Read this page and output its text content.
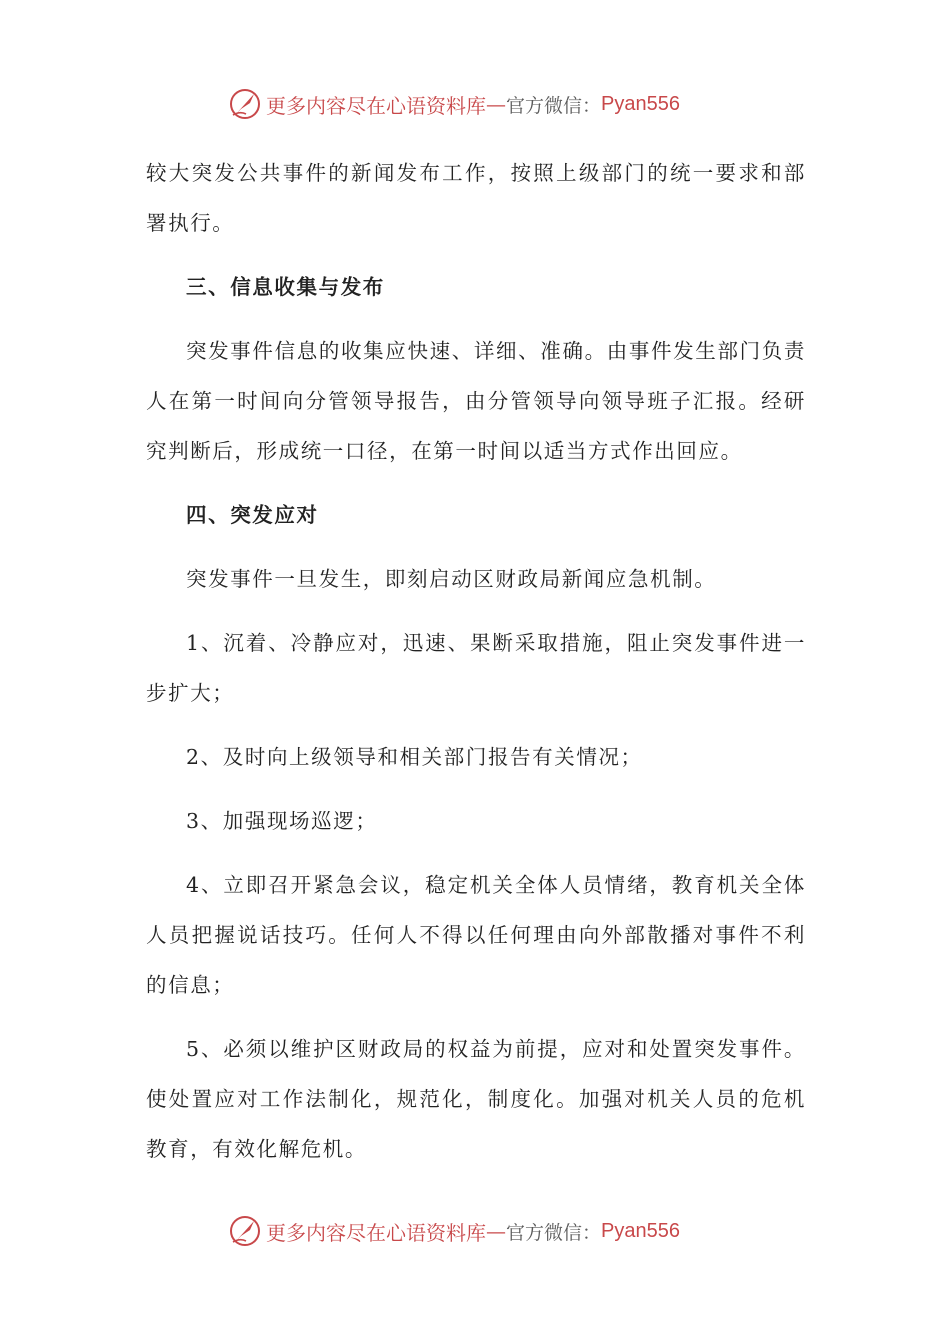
更多内容尽在心语资料库 — 官方微信： Pyan556

较大突发公共事件的新闻发布工作，按照上级部门的统一要求和部署执行。

三、信息收集与发布

突发事件信息的收集应快速、详细、准确。由事件发生部门负责人在第一时间向分管领导报告，由分管领导向领导班子汇报。经研究判断后，形成统一口径，在第一时间以适当方式作出回应。

四、突发应对

突发事件一旦发生，即刻启动区财政局新闻应急机制。

1、沉着、冷静应对，迅速、果断采取措施，阻止突发事件进一步扩大；

2、及时向上级领导和相关部门报告有关情况；

3、加强现场巡逻；

4、立即召开紧急会议，稳定机关全体人员情绪，教育机关全体人员把握说话技巧。任何人不得以任何理由向外部散播对事件不利的信息；

5、必须以维护区财政局的权益为前提，应对和处置突发事件。使处置应对工作法制化，规范化，制度化。加强对机关人员的危机教育，有效化解危机。

更多内容尽在心语资料库 — 官方微信： Pyan556
